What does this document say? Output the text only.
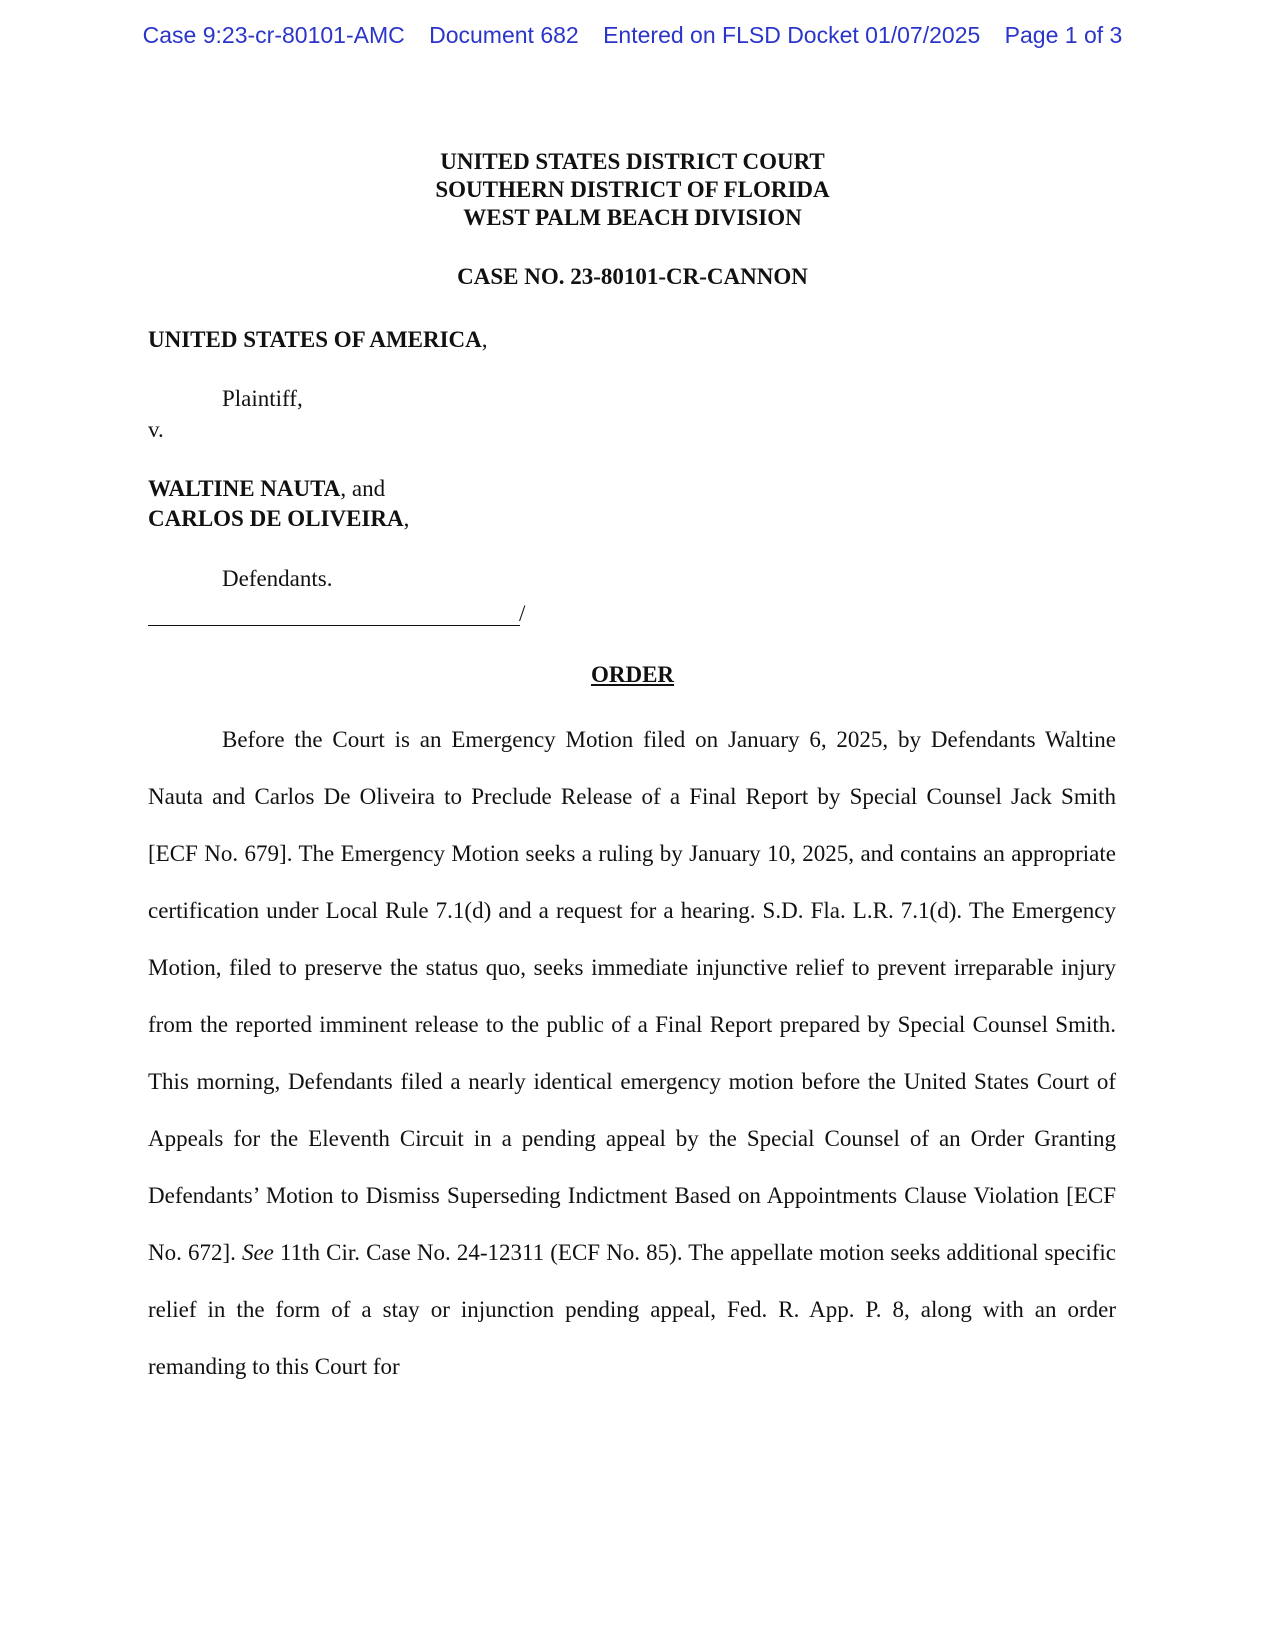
Case 9:23-cr-80101-AMC Document 682 Entered on FLSD Docket 01/07/2025 Page 1 of 3
UNITED STATES DISTRICT COURT
SOUTHERN DISTRICT OF FLORIDA
WEST PALM BEACH DIVISION
CASE NO. 23-80101-CR-CANNON
UNITED STATES OF AMERICA,
Plaintiff,
v.
WALTINE NAUTA, and
CARLOS DE OLIVEIRA,
Defendants.
/
ORDER

Before the Court is an Emergency Motion filed on January 6, 2025, by Defendants Waltine Nauta and Carlos De Oliveira to Preclude Release of a Final Report by Special Counsel Jack Smith [ECF No. 679]. The Emergency Motion seeks a ruling by January 10, 2025, and contains an appropriate certification under Local Rule 7.1(d) and a request for a hearing. S.D. Fla. L.R. 7.1(d). The Emergency Motion, filed to preserve the status quo, seeks immediate injunctive relief to prevent irreparable injury from the reported imminent release to the public of a Final Report prepared by Special Counsel Smith. This morning, Defendants filed a nearly identical emergency motion before the United States Court of Appeals for the Eleventh Circuit in a pending appeal by the Special Counsel of an Order Granting Defendants’ Motion to Dismiss Superseding Indictment Based on Appointments Clause Violation [ECF No. 672]. See 11th Cir. Case No. 24-12311 (ECF No. 85). The appellate motion seeks additional specific relief in the form of a stay or injunction pending appeal, Fed. R. App. P. 8, along with an order remanding to this Court for
